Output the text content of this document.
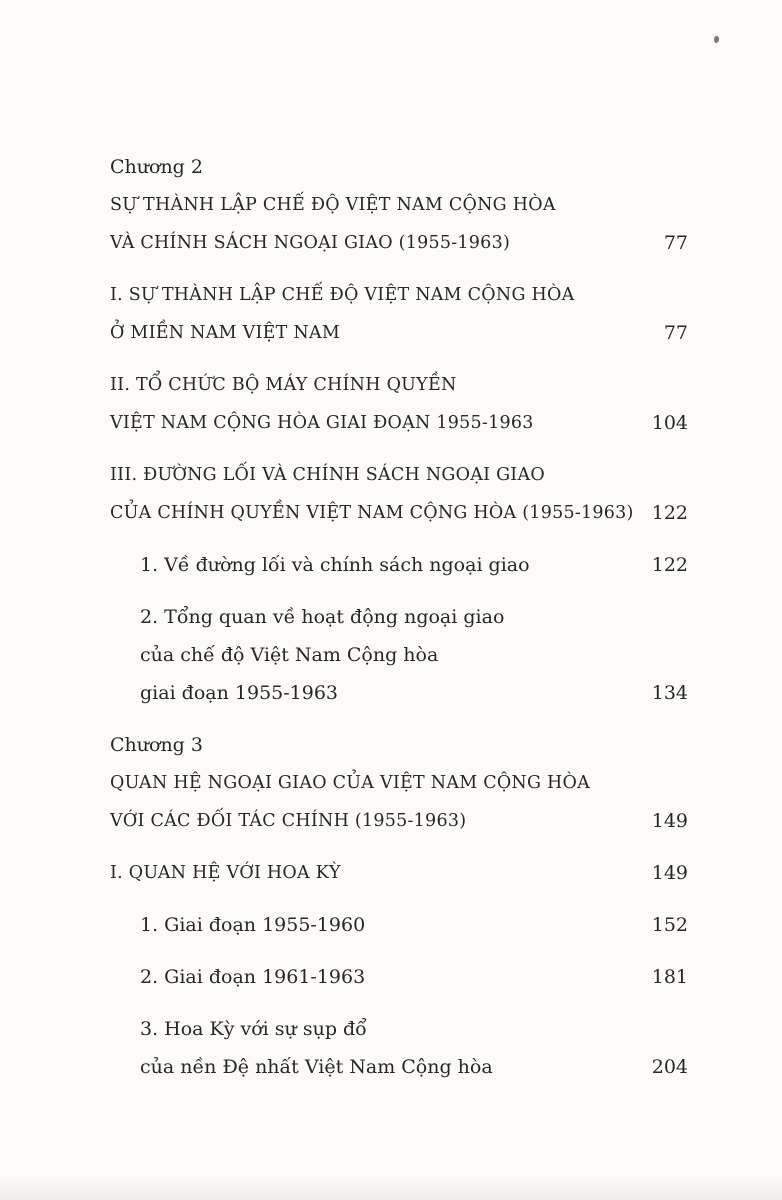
Chương 2
SỰ THÀNH LẬP CHẾ ĐỘ VIỆT NAM CỘNG HÒA
VÀ CHÍNH SÁCH NGOẠI GIAO (1955-1963)	77
I. SỰ THÀNH LẬP CHẾ ĐỘ VIỆT NAM CỘNG HÒA
Ở MIỀN NAM VIỆT NAM	77
II. TỔ CHỨC BỘ MÁY CHÍNH QUYỀN
VIỆT NAM CỘNG HÒA GIAI ĐOẠN 1955-1963	104
III. ĐƯỜNG LỐI VÀ CHÍNH SÁCH NGOẠI GIAO
CỦA CHÍNH QUYỀN VIỆT NAM CỘNG HÒA (1955-1963) 122
1. Về đường lối và chính sách ngoại giao	122
2. Tổng quan về hoạt động ngoại giao
của chế độ Việt Nam Cộng hòa
giai đoạn 1955-1963	134
Chương 3
QUAN HỆ NGOẠI GIAO CỦA VIỆT NAM CỘNG HÒA
VỚI CÁC ĐỐI TÁC CHÍNH (1955-1963)	149
I. QUAN HỆ VỚI HOA KỲ	149
1. Giai đoạn 1955-1960	152
2. Giai đoạn 1961-1963	181
3. Hoa Kỳ với sự sụp đổ
của nền Đệ nhất Việt Nam Cộng hòa	204
